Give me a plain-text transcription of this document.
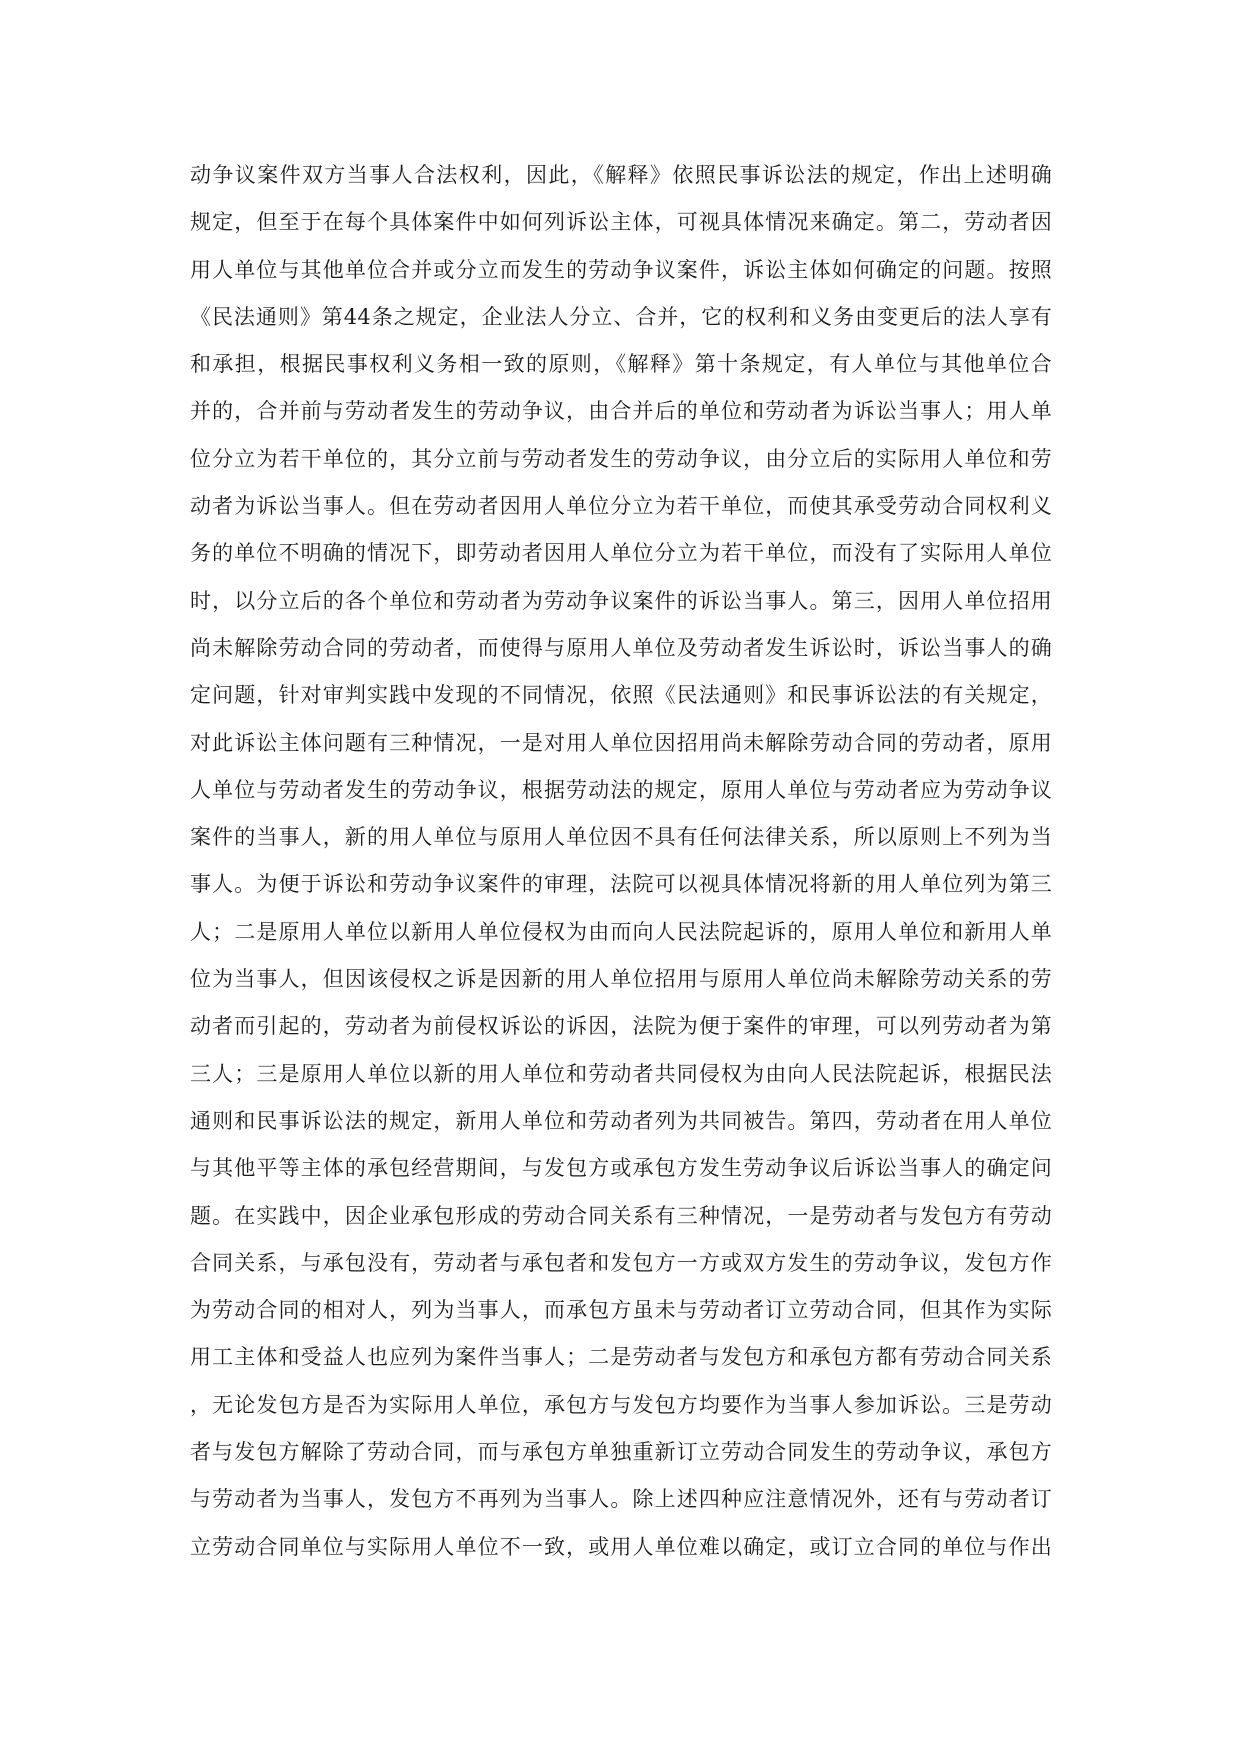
动争议案件双方当事人合法权利，因此，《解释》依照民事诉讼法的规定，作出上述明确
规定，但至于在每个具体案件中如何列诉讼主体，可视具体情况来确定。第二，劳动者因
用人单位与其他单位合并或分立而发生的劳动争议案件，诉讼主体如何确定的问题。按照
《民法通则》第44条之规定，企业法人分立、合并，它的权利和义务由变更后的法人享有
和承担，根据民事权利义务相一致的原则，《解释》第十条规定，有人单位与其他单位合
并的，合并前与劳动者发生的劳动争议，由合并后的单位和劳动者为诉讼当事人；用人单
位分立为若干单位的，其分立前与劳动者发生的劳动争议，由分立后的实际用人单位和劳
动者为诉讼当事人。但在劳动者因用人单位分立为若干单位，而使其承受劳动合同权利义
务的单位不明确的情况下，即劳动者因用人单位分立为若干单位，而没有了实际用人单位
时，以分立后的各个单位和劳动者为劳动争议案件的诉讼当事人。第三，因用人单位招用
尚未解除劳动合同的劳动者，而使得与原用人单位及劳动者发生诉讼时，诉讼当事人的确
定问题，针对审判实践中发现的不同情况，依照《民法通则》和民事诉讼法的有关规定，
对此诉讼主体问题有三种情况，一是对用人单位因招用尚未解除劳动合同的劳动者，原用
人单位与劳动者发生的劳动争议，根据劳动法的规定，原用人单位与劳动者应为劳动争议
案件的当事人，新的用人单位与原用人单位因不具有任何法律关系，所以原则上不列为当
事人。为便于诉讼和劳动争议案件的审理，法院可以视具体情况将新的用人单位列为第三
人；二是原用人单位以新用人单位侵权为由而向人民法院起诉的，原用人单位和新用人单
位为当事人，但因该侵权之诉是因新的用人单位招用与原用人单位尚未解除劳动关系的劳
动者而引起的，劳动者为前侵权诉讼的诉因，法院为便于案件的审理，可以列劳动者为第
三人；三是原用人单位以新的用人单位和劳动者共同侵权为由向人民法院起诉，根据民法
通则和民事诉讼法的规定，新用人单位和劳动者列为共同被告。第四，劳动者在用人单位
与其他平等主体的承包经营期间，与发包方或承包方发生劳动争议后诉讼当事人的确定问
题。在实践中，因企业承包形成的劳动合同关系有三种情况，一是劳动者与发包方有劳动
合同关系，与承包没有，劳动者与承包者和发包方一方或双方发生的劳动争议，发包方作
为劳动合同的相对人，列为当事人，而承包方虽未与劳动者订立劳动合同，但其作为实际
用工主体和受益人也应列为案件当事人；二是劳动者与发包方和承包方都有劳动合同关系
，无论发包方是否为实际用人单位，承包方与发包方均要作为当事人参加诉讼。三是劳动
者与发包方解除了劳动合同，而与承包方单独重新订立劳动合同发生的劳动争议，承包方
与劳动者为当事人，发包方不再列为当事人。除上述四种应注意情况外，还有与劳动者订
立劳动合同单位与实际用人单位不一致，或用人单位难以确定，或订立合同的单位与作出
